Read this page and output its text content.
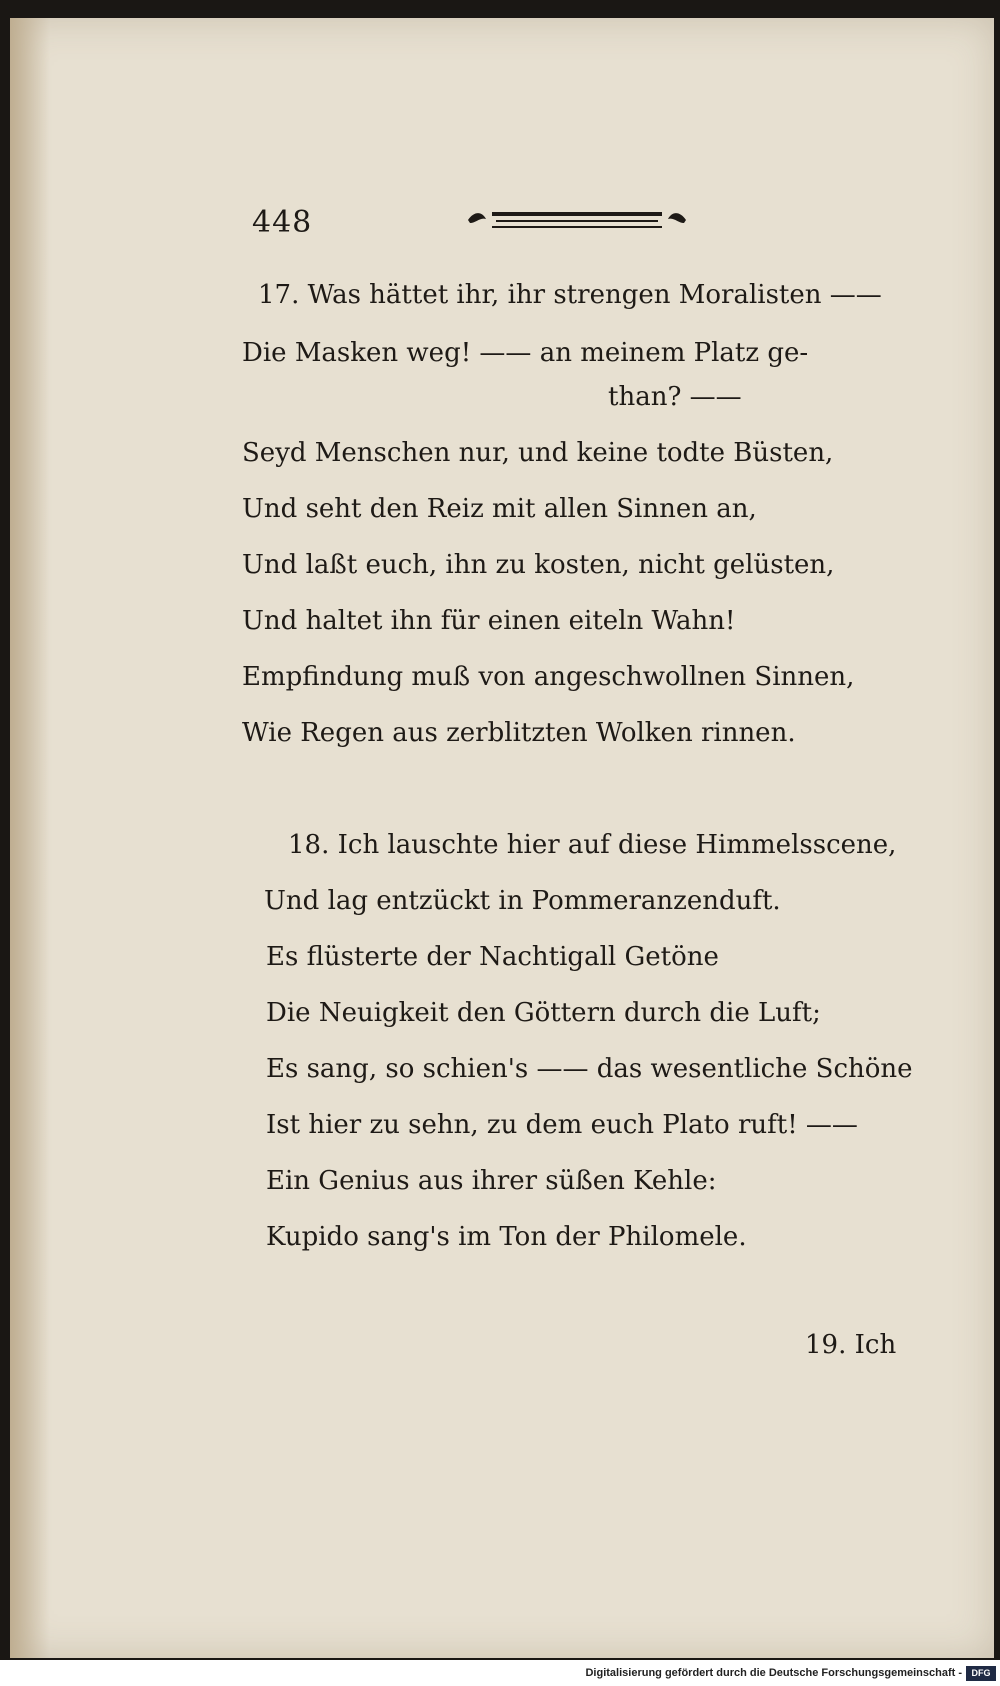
448
17. Was hättet ihr, ihr strengen Moralisten ——
Die Masken weg! —— an meinem Platz ge-
than? ——
Seyd Menschen nur, und keine todte Büsten,
Und seht den Reiz mit allen Sinnen an,
Und laßt euch, ihn zu kosten, nicht gelüsten,
Und haltet ihn für einen eiteln Wahn!
Empfindung muß von angeschwollnen Sinnen,
Wie Regen aus zerblitzten Wolken rinnen.
18. Ich lauschte hier auf diese Himmelsscene,
Und lag entzückt in Pommeranzenduft.
Es flüsterte der Nachtigall Getöne
Die Neuigkeit den Göttern durch die Luft;
Es sang, so schien's —— das wesentliche Schöne
Ist hier zu sehn, zu dem euch Plato ruft! ——
Ein Genius aus ihrer süßen Kehle:
Kupido sang's im Ton der Philomele.
19. Ich
Digitalisierung gefördert durch die Deutsche Forschungsgemeinschaft -	DFG
